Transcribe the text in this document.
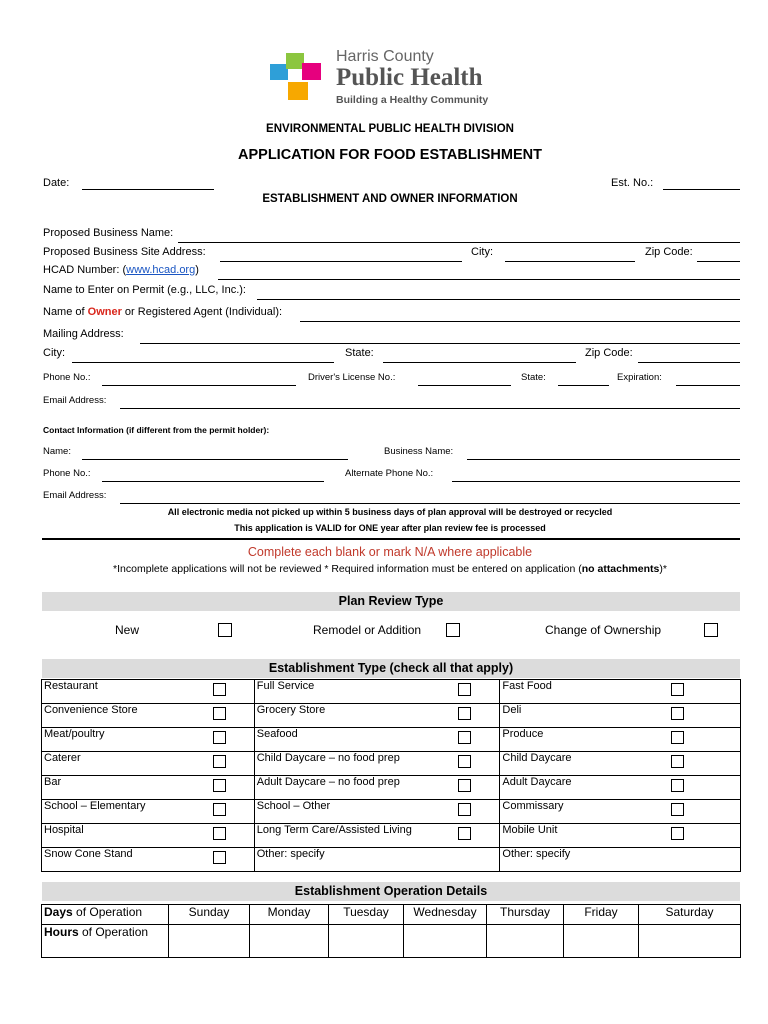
Harris County
Public Health
Building a Healthy Community
ENVIRONMENTAL PUBLIC HEALTH DIVISION
APPLICATION FOR FOOD ESTABLISHMENT
Date:	Est. No.:
ESTABLISHMENT AND OWNER INFORMATION
Proposed Business Name:
Proposed Business Site Address:	City:	Zip Code:
HCAD Number: (www.hcad.org)
Name to Enter on Permit (e.g., LLC, Inc.):
Name of Owner or Registered Agent (Individual):
Mailing Address:
City:	State:	Zip Code:
Phone No.:	Driver's License No.:	State:	Expiration:
Email Address:
Contact Information (if different from the permit holder):
Name:	Business Name:
Phone No.:	Alternate Phone No.:
Email Address:
All electronic media not picked up within 5 business days of plan approval will be destroyed or recycled
This application is VALID for ONE year after plan review fee is processed
Complete each blank or mark N/A where applicable
*Incomplete applications will not be reviewed * Required information must be entered on application (no attachments)*
Plan Review Type
New	Remodel or Addition	Change of Ownership
Establishment Type (check all that apply)
Restaurant		Full Service		Fast Food	

Convenience Store		Grocery Store		Deli	

Meat/poultry		Seafood		Produce	

Caterer		Child Daycare – no food prep		Child Daycare	

Bar		Adult Daycare – no food prep		Adult Daycare	

School – Elementary		School – Other		Commissary	

Hospital		Long Term Care/Assisted Living		Mobile Unit	

Snow Cone Stand		Other: specify		Other: specify	
Establishment Operation Details
Days of Operation	Sunday	Monday	Tuesday	Wednesday	Thursday	Friday	Saturday
Hours of Operation							
